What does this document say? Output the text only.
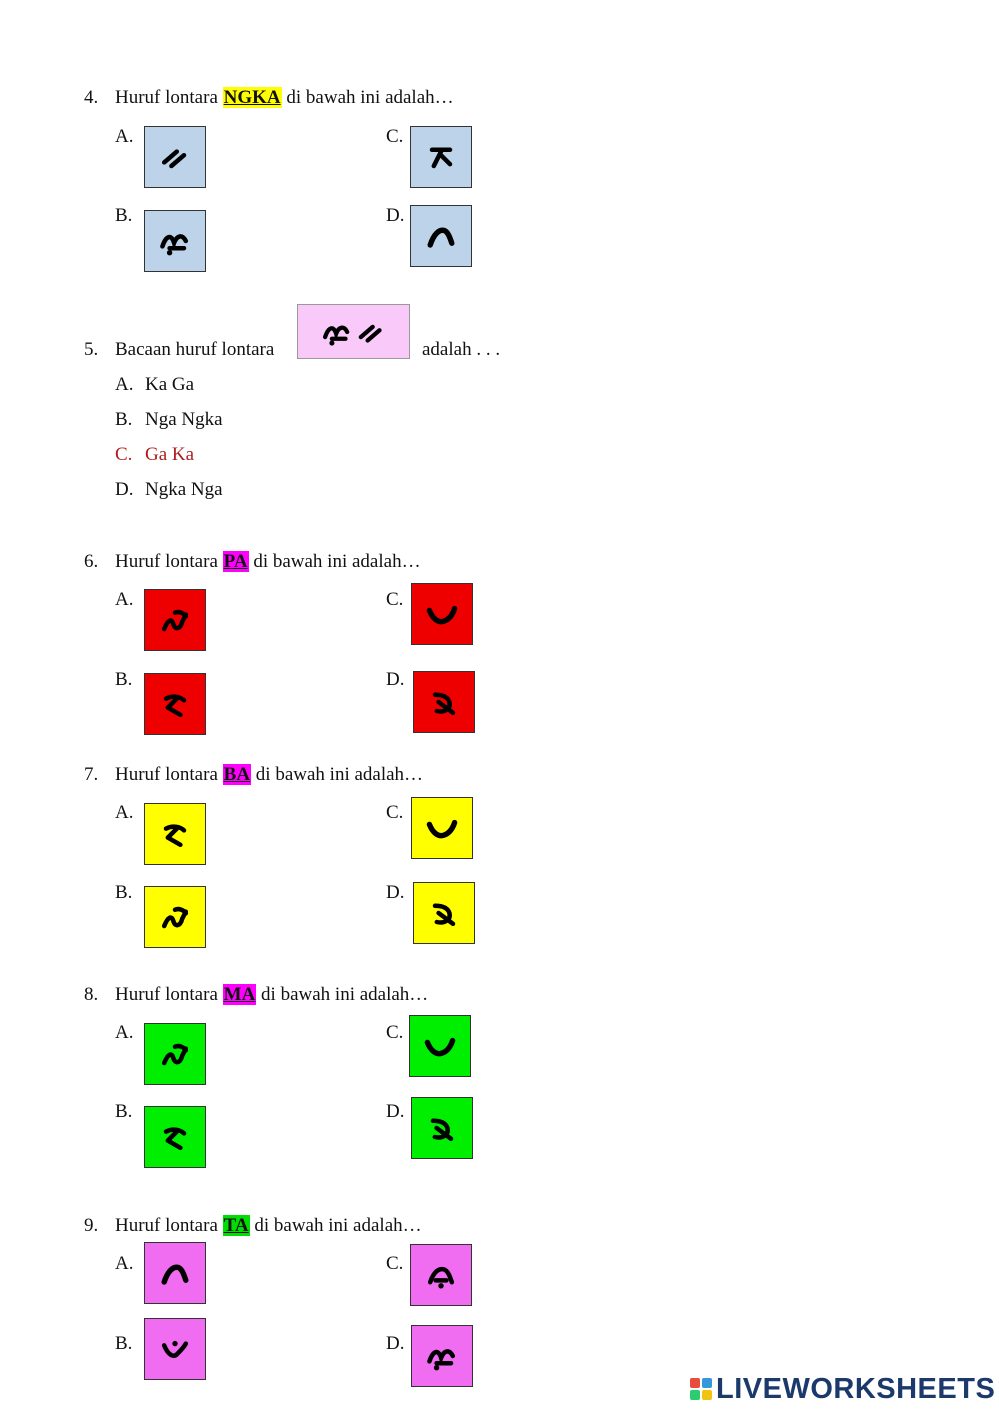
4. Huruf lontara NGKA di bawah ini adalah…
A.	C.
B.	D.
5. Bacaan huruf lontara	adalah . . .
A. Ka Ga
B. Nga Ngka
C. Ga Ka
D. Ngka Nga
6. Huruf lontara PA di bawah ini adalah…
A.	C.
B.	D.
7. Huruf lontara BA di bawah ini adalah…
A.	C.
B.	D.
8. Huruf lontara MA di bawah ini adalah…
A.	C.
B.	D.
9. Huruf lontara TA di bawah ini adalah…
A.	C.
B.	D.
LIVEWORKSHEETS
